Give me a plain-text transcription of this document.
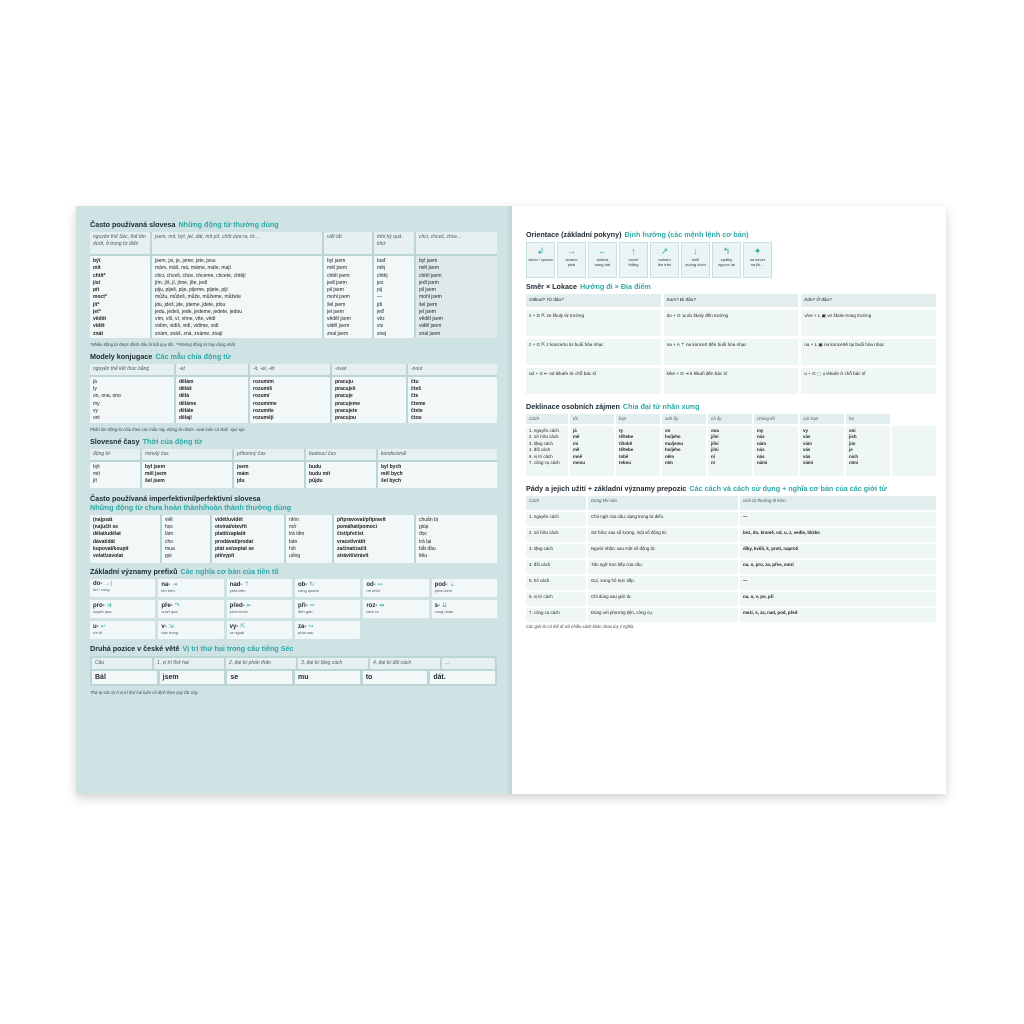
Často používaná slovesa Những động từ thường dùng
nguyên thể Séc, thể tồn dưới, ở trong từ điển
jsem, mít, být, jet, dát, mít pít, chtít dựa ra, tớ…	viết tắt	thời kỳ quá khứ
chci, chceš, chce…
být
mít
chtít*
jíst
pít
moct*
jít*
jet*
vědět
vidět
znát
jsem, jsi, je, jsme, jste, jsou
mám, máš, má, máme, máte, mají
chci, chceš, chce, chceme, chcete, chtějí
jím, jíš, jí, jíme, jíte, jedí
piju, piješ, pije, pijeme, pijete, pijí
můžu, můžeš, může, můžeme, můžete
jdu, jdeš, jde, jdeme, jdete, jdou
jedu, jedeš, jede, jedeme, jedete, jedou
vím, víš, ví, víme, víte, vědí
vidím, vidíš, vidí, vidíme, vidí
znám, znáš, zná, známe, znají
byl jsem
měl jsem
chtěl jsem
jedl jsem
pil jsem
mohl jsem
šel jsem
jel jsem
věděl jsem
viděl jsem
znal jsem
buď
měj
chtěj
jez
pij
—
jdi
jeď
věz
viz
znej
byl jsem
měl jsem
chtěl jsem
jedl jsem
pil jsem
mohl jsem
šel jsem
jel jsem
věděl jsem
viděl jsem
znal jsem
*Nhiều động từ được đánh dấu là bất quy tắc. **Những động từ hay dùng nhất.
Modely konjugace Các mẫu chia động từ
nguyên thể kết thúc bằng	-at	-it, -et, -ět	-ovat	-nout
já
ty
on, ona, ono
my
vy
oni
dělám
děláš
dělá
děláme
děláte
dělají
rozumím
rozumíš
rozumí
rozumíme
rozumíte
rozumějí
pracuju
pracuješ
pracuje
pracujeme
pracujete
pracujou
čtu
čteš
čte
čteme
čtete
čtou
Phần lớn động từ chia theo các mẫu này. Động từ nhóm -ovat luôn có đuôi -uju/-uje.
Slovesné časy Thời của động từ
động từ	minulý čas	přítomný čas	budoucí čas	kondicionál
být
mít
jít
byl jsem
měl jsem
šel jsem
jsem
mám
jdu
budu
budu mít
půjdu
byl bych
měl bych
šel bych
Často používaná imperfektivní/perfektivní slovesa
Những động từ chưa hoàn thành/hoàn thành thường dùng
(na)psát
(na)učit se
dělat/udělat
dávat/dát
kupovat/koupit
volat/zavolat
viết
học
làm
cho
mua
gọi
vidět/uvidět
otvírat/otevřít
platit/zaplatit
prodávat/prodat
ptát se/zeptat se
pít/vypít
nhìn
mở
trả tiền
bán
hỏi
uống
připravovat/připravit
pomáhat/pomoci
číst/přečíst
vracet/vrátit
začínat/začít
strávit/strávit
chuẩn bị
giúp
đọc
trả lại
bắt đầu
tiêu
Základní významy prefixů Các nghĩa cơ bản của tiền tố
do- →|
tới / xong
na- ⇥
lên trên
nad- ⇡
phía trên
ob- ↻
vòng quanh
od- ↤
rời khỏi
pod- ⇣
phía dưới
pro- ⇉
xuyên qua
pře- ↷
vượt qua
před- ⇤
phía trước
při- ⇨
đến gần
roz- ⇹
tách ra
s- ⇊
cùng nhau
u- ↩
rời đi
v- ⇲
vào trong
vy- ⇱
ra ngoài
za- ↪
phía sau
Druhá pozice v české větě Vị trí thứ hai trong câu tiếng Séc
Câu	1. vị trí thứ hai	2. đại từ phản thân	3. đại từ tặng cách	4. đại từ đối cách	…
Bál	jsem	se	mu	to	dát.
Thứ tự các từ ở vị trí thứ hai luôn cố định theo quy tắc này.
Orientace (základní pokyny) Định hướng (các mệnh lệnh cơ bản)
↲
vlevo / vpravo
→
vpravo
phải
←
doleva
sang trái
↑
rovně
thẳng
↗
nahoru
lên trên
↓
dolů
xuống dưới
↰
zpátky
ngược lại
✦
na sever
na jih…
Směr × Lokace Hướng đi × Địa điểm
Odkud? Từ đâu?	Kam? Đi đâu?	Kde? Ở đâu?
z + G ⇱ ze školy từ trường	do + G ⇲ do školy đến trường	v/ve + L ▣ ve škole trong trường
z + G ⇱ z koncertu từ buổi hòa nhạc	na + A ⇡ na koncert đến buổi hòa nhạc	na + L ▣ na koncertě tại buổi hòa nhạc
od + G ⇤ od lékaře từ chỗ bác sĩ	k/ke + D ⇥ k lékaři đến bác sĩ	u + G ⬚ u lékaře ở chỗ bác sĩ
Deklinace osobních zájmen Chia đại từ nhân xưng
Cách	tôi	bạn	anh ấy	cô ấy	chúng tôi	các bạn	họ
1. nguyên cách
2. sở hữu cách
3. tặng cách
4. đối cách
6. vị trí cách
7. công cụ cách
já
mě
mi
mě
mně
mnou
ty
tě/tebe
ti/tobě
tě/tebe
tobě
tebou
on
ho/jeho
mu/jemu
ho/jeho
něm
ním
ona
jí/ní
jí/ní
ji/ni
ní
ní
my
nás
nám
nás
nás
námi
vy
vás
vám
vás
vás
vámi
oni
jich
jim
je
nich
nimi
Pády a jejich užití + základní významy prepozic Các cách và cách sử dụng + nghĩa cơ bản của các giới từ
Cách	Dùng khi nào	Giới từ thường đi kèm
1. nguyên cách	Chủ ngữ của câu; dạng trong từ điển.	—
2. sở hữu cách	Sở hữu; sau số lượng, một số động từ.	bez, do, kromě, od, u, z, vedle, blízko
3. tặng cách	Người nhận; sau một số động từ.	díky, kvůli, k, proti, naproti
4. đối cách	Tân ngữ trực tiếp của câu.	na, o, pro, za, přes, mezi
5. hô cách	Gọi, xưng hô trực tiếp.	—
6. vị trí cách	Chỉ dùng sau giới từ.	na, o, v, po, při
7. công cụ cách	Dùng với phương tiện, công cụ.	mezi, s, za, nad, pod, před
Các giới từ có thể đi với nhiều cách khác nhau tùy ý nghĩa.
